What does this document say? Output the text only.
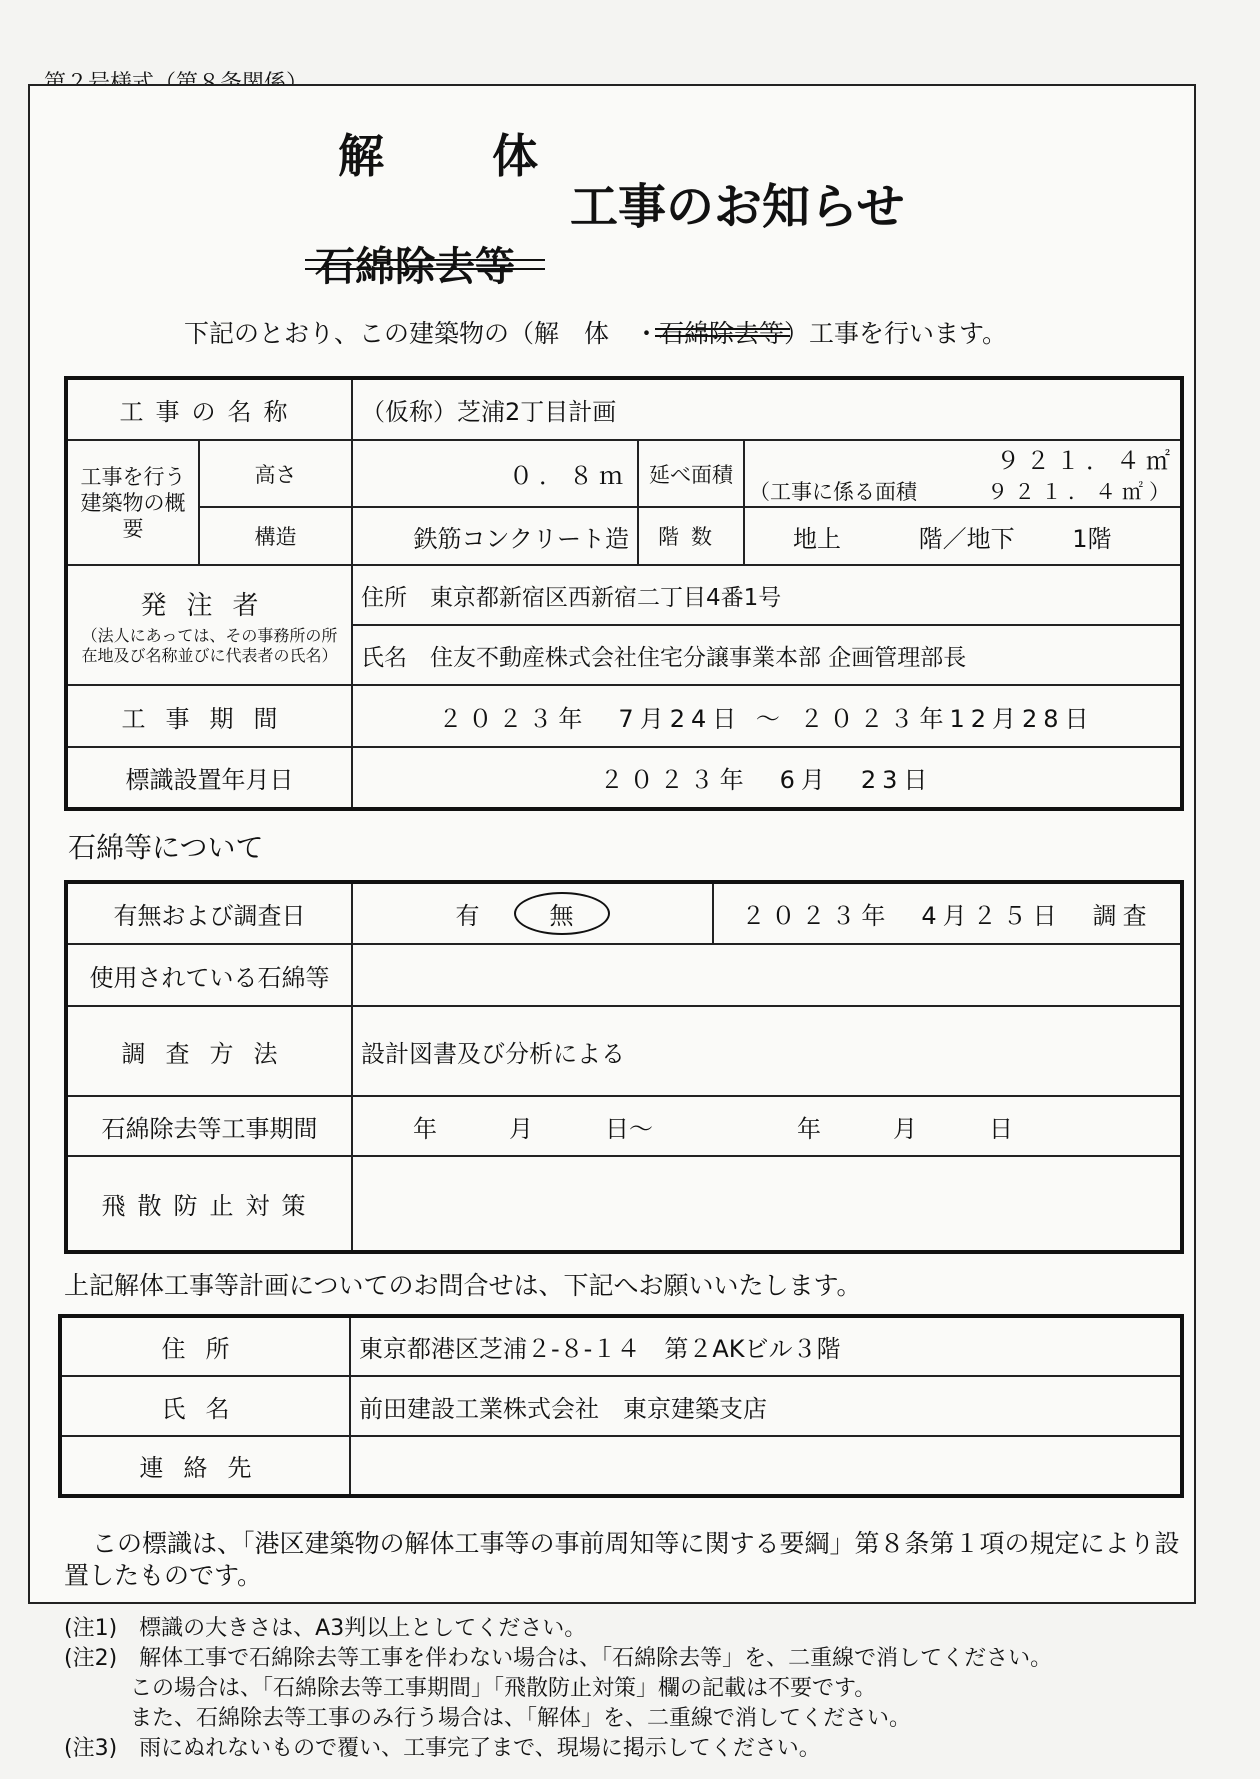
解体
工事のお知らせ
石綿除去等
下記のとおり、この建築物の（解　体　・石綿除去等
）工事を行います。
工事の名称		（仮称）芝浦2丁目計画		
工事を行う建築物の概要	高さ	０．８ｍ	延べ面積	９２１．４㎡
（工事に係る面積 ９２１．４㎡）

	構造	鉄筋コンクリート造	階数	地上 階／地下 1階

発注者
（法人にあっては、その事務所の所在地及び名称並びに代表者の氏名）		住所　東京都新宿区西新宿二丁目4番1号		
		氏名　住友不動産株式会社住宅分譲事業本部 企画管理部長		
工事期間		２０２３年　7月24日 ～ ２０２３年12月28日		
標識設置年月日		２０２３年　6月　23日		
石綿等について
有無および調査日	有 無	２０２３年　4月２５日　調査
使用されている石綿等		
調査方法	設計図書及び分析による	
石綿除去等工事期間	年　　　月　　　日～　　　　　　年　　　月　　　日	
飛散防止対策		
上記解体工事等計画についてのお問合せは、下記へお願いいたします。
住所	東京都港区芝浦２-８-１４　第２AKビル３階
氏名	前田建設工業株式会社　東京建築支店
連絡先	
この標識は、「港区建築物の解体工事等の事前周知等に関する要綱」第８条第１項の規定により設置したものです。
(注1)　標識の大きさは、A3判以上としてください。
(注2)　解体工事で石綿除去等工事を伴わない場合は、「石綿除去等」を、二重線で消してください。
この場合は、「石綿除去等工事期間」「飛散防止対策」欄の記載は不要です。
また、石綿除去等工事のみ行う場合は、「解体」を、二重線で消してください。
(注3)　雨にぬれないもので覆い、工事完了まで、現場に掲示してください。
